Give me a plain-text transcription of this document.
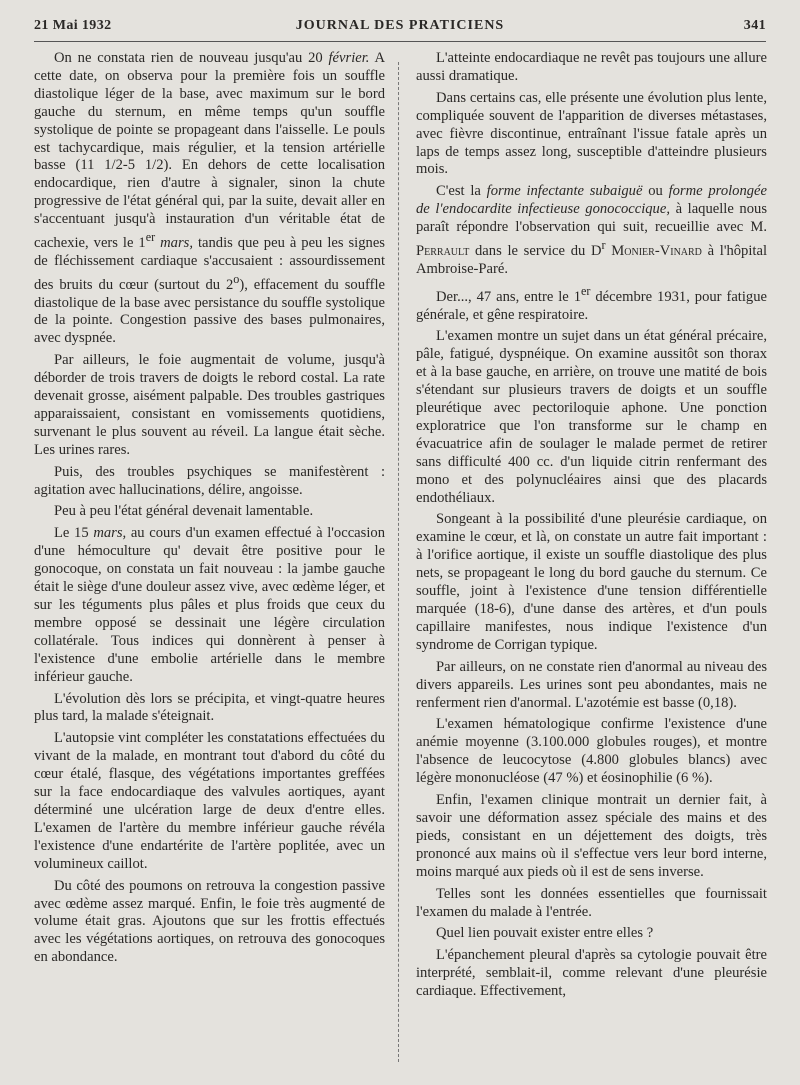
21 Mai 1932	JOURNAL DES PRATICIENS	341

On ne constata rien de nouveau jusqu'au 20 février. A cette date, on observa pour la première fois un souffle diastolique léger de la base, avec maximum sur le bord gauche du sternum, en même temps qu'un souffle systolique de pointe se propageant dans l'aisselle. Le pouls est tachycardique, mais régulier, et la tension artérielle basse (11 1/2-5 1/2). En dehors de cette localisation endocardique, rien d'autre à signaler, sinon la chute progressive de l'état général qui, par la suite, devait aller en s'accentuant jusqu'à instauration d'un véritable état de cachexie, vers le 1er mars, tandis que peu à peu les signes de fléchissement cardiaque s'accusaient : assourdissement des bruits du cœur (surtout du 2$^o$), effacement du souffle diastolique de la base avec persistance du souffle systolique de la pointe. Congestion passive des bases pulmonaires, avec dyspnée.

Par ailleurs, le foie augmentait de volume, jusqu'à déborder de trois travers de doigts le rebord costal. La rate devenait grosse, aisément palpable. Des troubles gastriques apparaissaient, consistant en vomissements quotidiens, survenant le plus souvent au réveil. La langue était sèche. Les urines rares.

Puis, des troubles psychiques se manifestèrent : agitation avec hallucinations, délire, angoisse.

Peu à peu l'état général devenait lamentable.

Le 15 mars, au cours d'un examen effectué à l'occasion d'une hémoculture qu' devait être positive pour le gonocoque, on constata un fait nouveau : la jambe gauche était le siège d'une douleur assez vive, avec œdème léger, et sur les téguments plus pâles et plus froids que ceux du membre opposé se dessinait une légère circulation collatérale. Tous indices qui donnèrent à penser à l'existence d'une embolie artérielle dans le membre inférieur gauche.

L'évolution dès lors se précipita, et vingt-quatre heures plus tard, la malade s'éteignait.

L'autopsie vint compléter les constatations effectuées du vivant de la malade, en montrant tout d'abord du côté du cœur étalé, flasque, des végétations importantes greffées sur la face endocardiaque des valvules aortiques, ayant déterminé une ulcération large de deux d'entre elles. L'examen de l'artère du membre inférieur gauche révéla l'existence d'une endartérite de l'artère poplitée, avec un volumineux caillot.

Du côté des poumons on retrouva la congestion passive avec œdème assez marqué. Enfin, le foie très augmenté de volume était gras. Ajoutons que sur les frottis effectués avec les végétations aortiques, on retrouva des gonocoques en abondance.

L'atteinte endocardiaque ne revêt pas toujours une allure aussi dramatique.

Dans certains cas, elle présente une évolution plus lente, compliquée souvent de l'apparition de diverses métastases, avec fièvre discontinue, entraînant l'issue fatale après un laps de temps assez long, susceptible d'atteindre plusieurs mois.

C'est la forme infectante subaiguë ou forme prolongée de l'endocardite infectieuse gonococcique, à laquelle nous paraît répondre l'observation qui suit, recueillie avec M. Perrault dans le service du $D^r$ Monier-Vinard à l'hôpital Ambroise-Paré.

Der..., 47 ans, entre le 1er décembre 1931, pour fatigue générale, et gêne respiratoire.

L'examen montre un sujet dans un état général précaire, pâle, fatigué, dyspnéique. On examine aussitôt son thorax et à la base gauche, en arrière, on trouve une matité de bois s'étendant sur plusieurs travers de doigts et un souffle pleurétique avec pectoriloquie aphone. Une ponction exploratrice que l'on transforme sur le champ en évacuatrice afin de soulager le malade permet de retirer sans difficulté 400 cc. d'un liquide citrin renfermant des mono et des polynucléaires ainsi que des placards endothéliaux.

Songeant à la possibilité d'une pleurésie cardiaque, on examine le cœur, et là, on constate un autre fait important : à l'orifice aortique, il existe un souffle diastolique des plus nets, se propageant le long du bord gauche du sternum. Ce souffle, joint à l'existence d'une tension différentielle marquée (18-6), d'une danse des artères, et d'un pouls capillaire manifestes, nous indique l'existence d'un syndrome de Corrigan typique.

Par ailleurs, on ne constate rien d'anormal au niveau des divers appareils. Les urines sont peu abondantes, mais ne renferment rien d'anormal. L'azotémie est basse (0,18).

L'examen hématologique confirme l'existence d'une anémie moyenne (3.100.000 globules rouges), et montre l'absence de leucocytose (4.800 globules blancs) avec légère mononucléose (47 %) et éosinophilie (6 %).

Enfin, l'examen clinique montrait un dernier fait, à savoir une déformation assez spéciale des mains et des pieds, consistant en un déjettement des doigts, très prononcé aux mains où il s'effectue vers leur bord interne, moins marqué aux pieds où il est de sens inverse.

Telles sont les données essentielles que fournissait l'examen du malade à l'entrée.

Quel lien pouvait exister entre elles ?

L'épanchement pleural d'après sa cytologie pouvait être interprété, semblait-il, comme relevant d'une pleurésie cardiaque. Effectivement,
